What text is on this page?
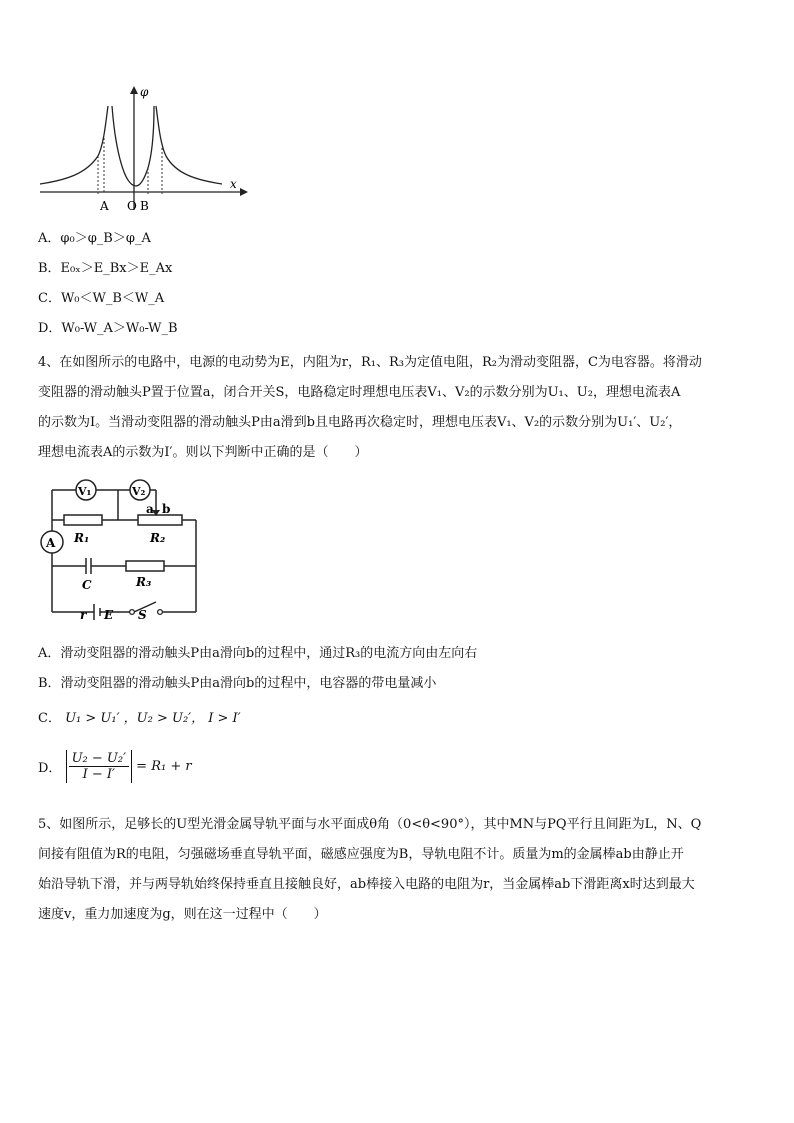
φ
x
A O B
A．φ₀＞φ_B＞φ_A
B．E₀ₓ＞E_Bx＞E_Ax
C．W₀＜W_B＜W_A
D．W₀-W_A＞W₀-W_B
4、在如图所示的电路中，电源的电动势为E，内阻为r，R₁、R₃为定值电阻，R₂为滑动变阻器，C为电容器。将滑动
变阻器的滑动触头P置于位置a，闭合开关S，电路稳定时理想电压表V₁、V₂的示数分别为U₁、U₂，理想电流表A
的示数为I。当滑动变阻器的滑动触头P由a滑到b且电路再次稳定时，理想电压表V₁、V₂的示数分别为U₁′、U₂′，
理想电流表A的示数为I′。则以下判断中正确的是（　　）
V₁	V₂
A
a b
R₁	R₂
C	R₃
r E S
A．滑动变阻器的滑动触头P由a滑向b的过程中，通过R₃的电流方向由左向右
B．滑动变阻器的滑动触头P由a滑向b的过程中，电容器的带电量减小
C． U₁ > U₁′ ，U₂ > U₂′， I > I′
D． $\frac{\text{U₂ − U₂′}}{I - I'} = R_1 + r$
5、如图所示，足够长的U型光滑金属导轨平面与水平面成θ角（0<θ<90°），其中MN与PQ平行且间距为L，N、Q
间接有阻值为R的电阻，匀强磁场垂直导轨平面，磁感应强度为B，导轨电阻不计。质量为m的金属棒ab由静止开
始沿导轨下滑，并与两导轨始终保持垂直且接触良好，ab棒接入电路的电阻为r，当金属棒ab下滑距离x时达到最大
速度v，重力加速度为g，则在这一过程中（　　）
